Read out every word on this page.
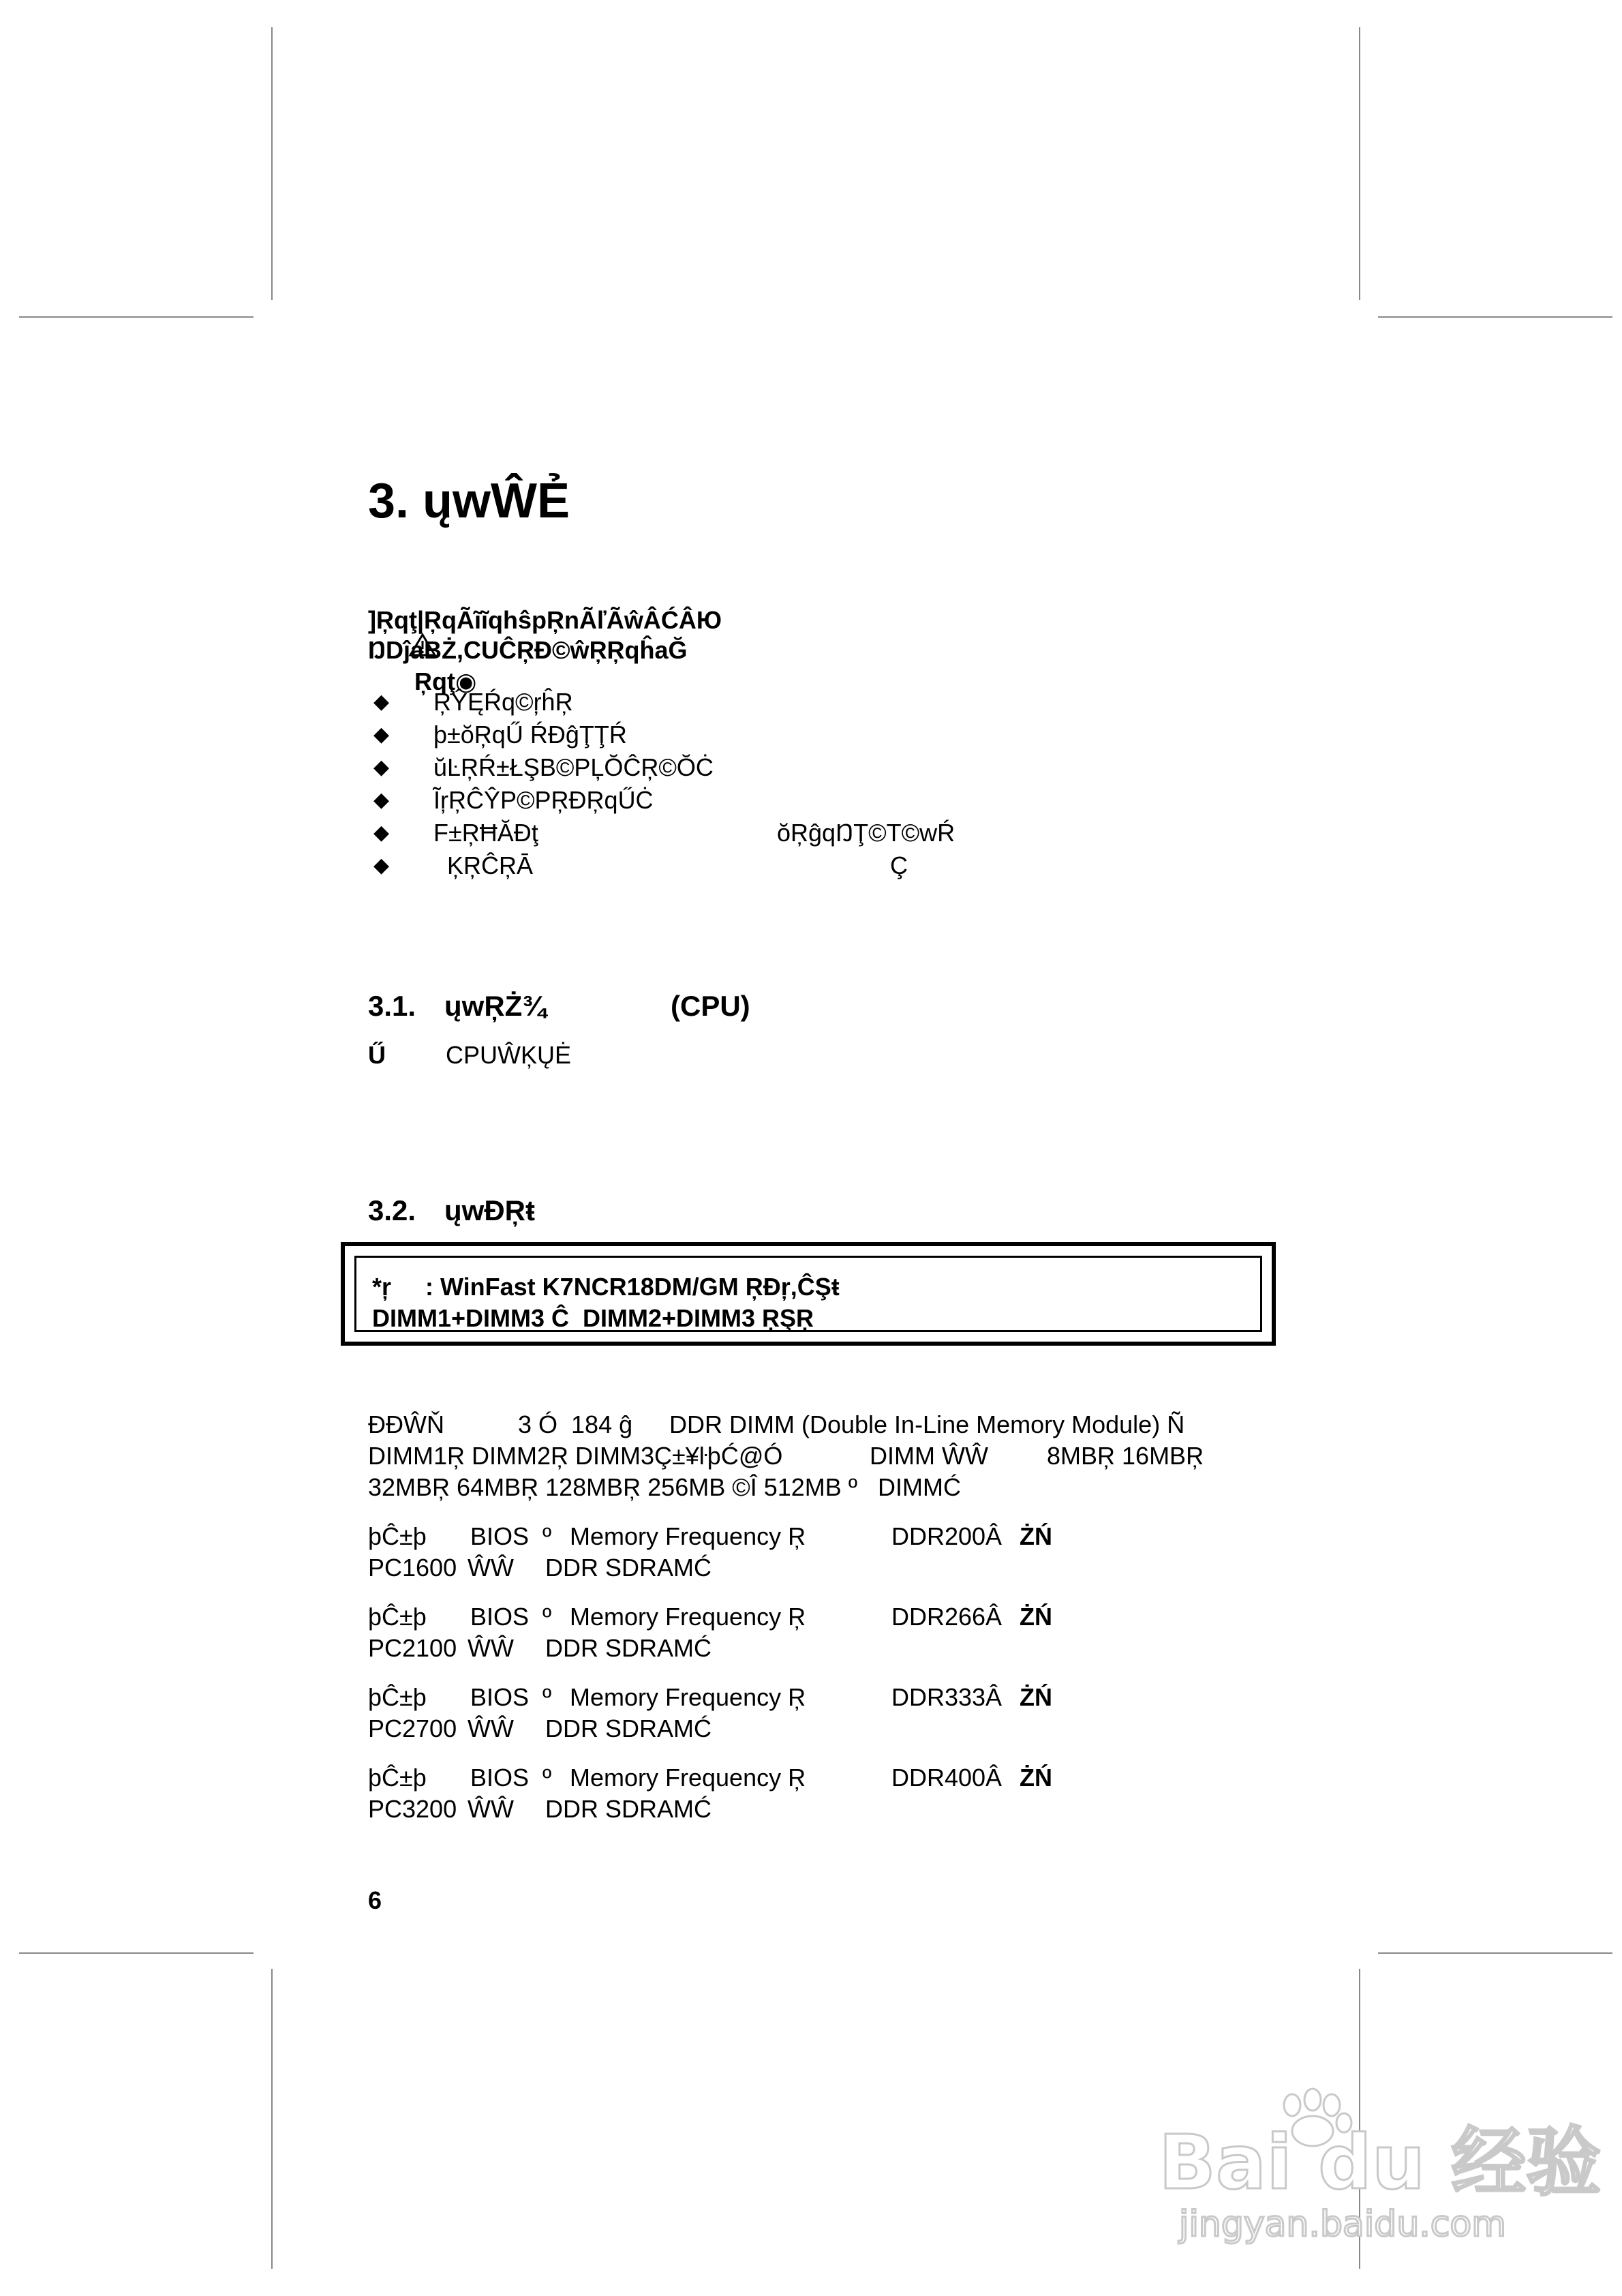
3. ųwŴẺ

Ŗqţ◉

]Ŗqţ|ŖqÃĩĩqhŝpŖnÃľÃŵÂĆÂЮ
ŊDĵaBŻ,CUĈŖĐ©ŵŖŖqĥaĞ
◆ ŖŶĘŔq©ŗĥŖ
◆ þ±ŏŖqŰ ŔĐĝŢŢŔ
◆ ŭĿŖŔ±ŁŞB©PĻŎĈŖ©ŎĊ
◆ ĨŗŖĈŶP©PŖĐŖqŰĊ
◆ F±ŖĦĂĐţ	ŏŖĝqŊŢ©T©wŔ
◆ ĶŖĈŖĀ	Ç
3.1. ųwŖŻ¾	(CPU)
Ű CPUŴĶŲĖ
3.2. ųwĐŖŧ
*ŗ : WinFast K7NCR18DM/GM ŖĐŗ,ĈŞŧ
DIMM1+DIMM3 Ĉ  DIMM2+DIMM3 ŖŞŖ
ĐĐŴŇ	3 Ó  184 ĝ DDR DIMM (Double In-Line Memory Module) Ñ
DIMM1Ŗ DIMM2Ŗ DIMM3Ç±¥ŀþĆ@Ó	DIMM ŴŴ 8MBŖ 16MBŖ
32MBŖ 64MBŖ 128MBŖ 256MB ©Î 512MB º   DIMMĆ
þĈ±þ BIOS  º Memory Frequency Ŗ	DDR200Â ŻŃ
PC1600 ŴŴ DDR SDRAMĆ
þĈ±þ BIOS  º Memory Frequency Ŗ	DDR266Â ŻŃ
PC2100 ŴŴ DDR SDRAMĆ
þĈ±þ BIOS  º Memory Frequency Ŗ	DDR333Â ŻŃ
PC2700 ŴŴ DDR SDRAMĆ
þĈ±þ BIOS  º Memory Frequency Ŗ	DDR400Â ŻŃ
PC3200 ŴŴ DDR SDRAMĆ
6
Bai du 经验
jingyan.baidu.com
